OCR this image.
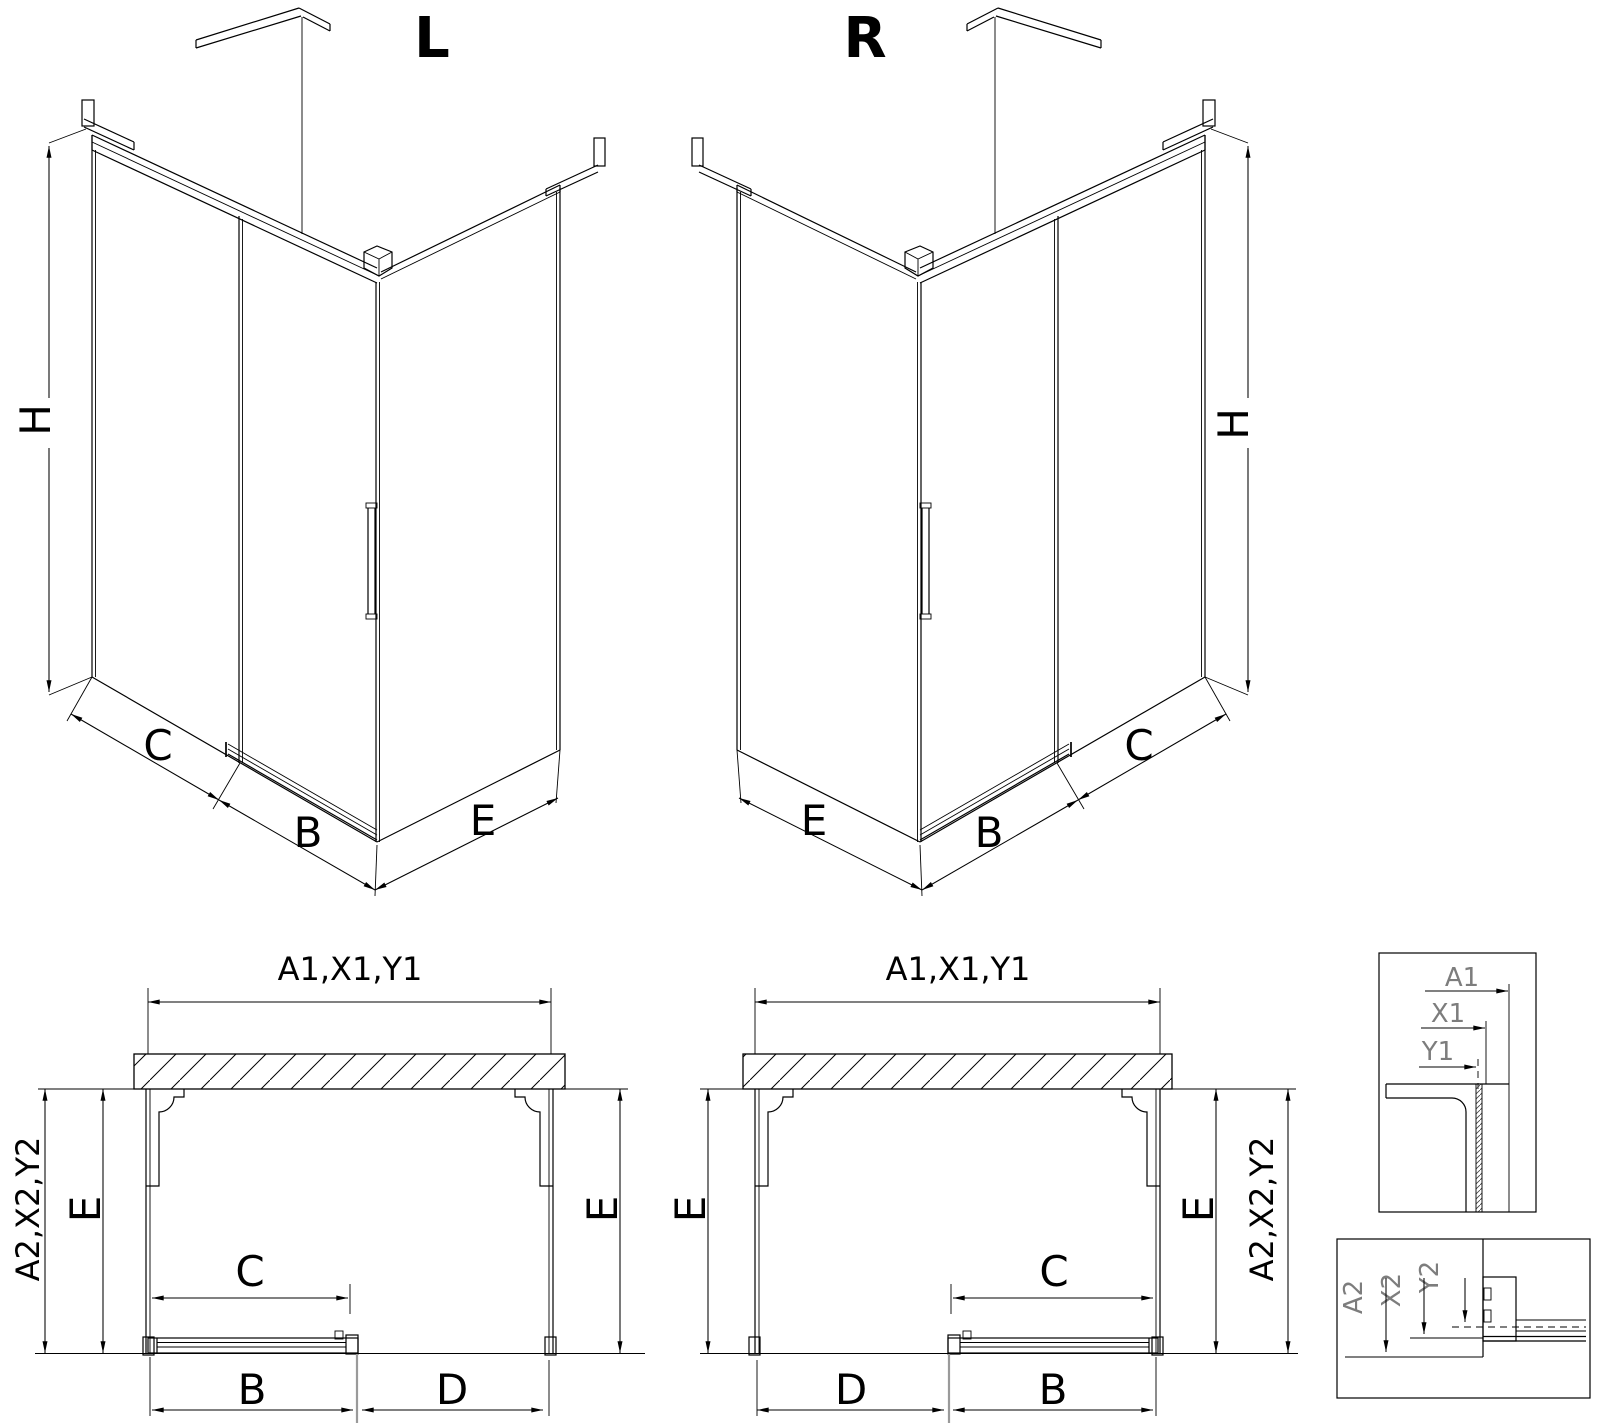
L
H
C
B	E
R
H
C
B
E
A1,X1,Y1
A2,X2,Y2 E	E
C
B	D
A1,X1,Y1
E	E A2,X2,Y2
C
B
D
A1
X1
Y1
A2 X2 Y2
